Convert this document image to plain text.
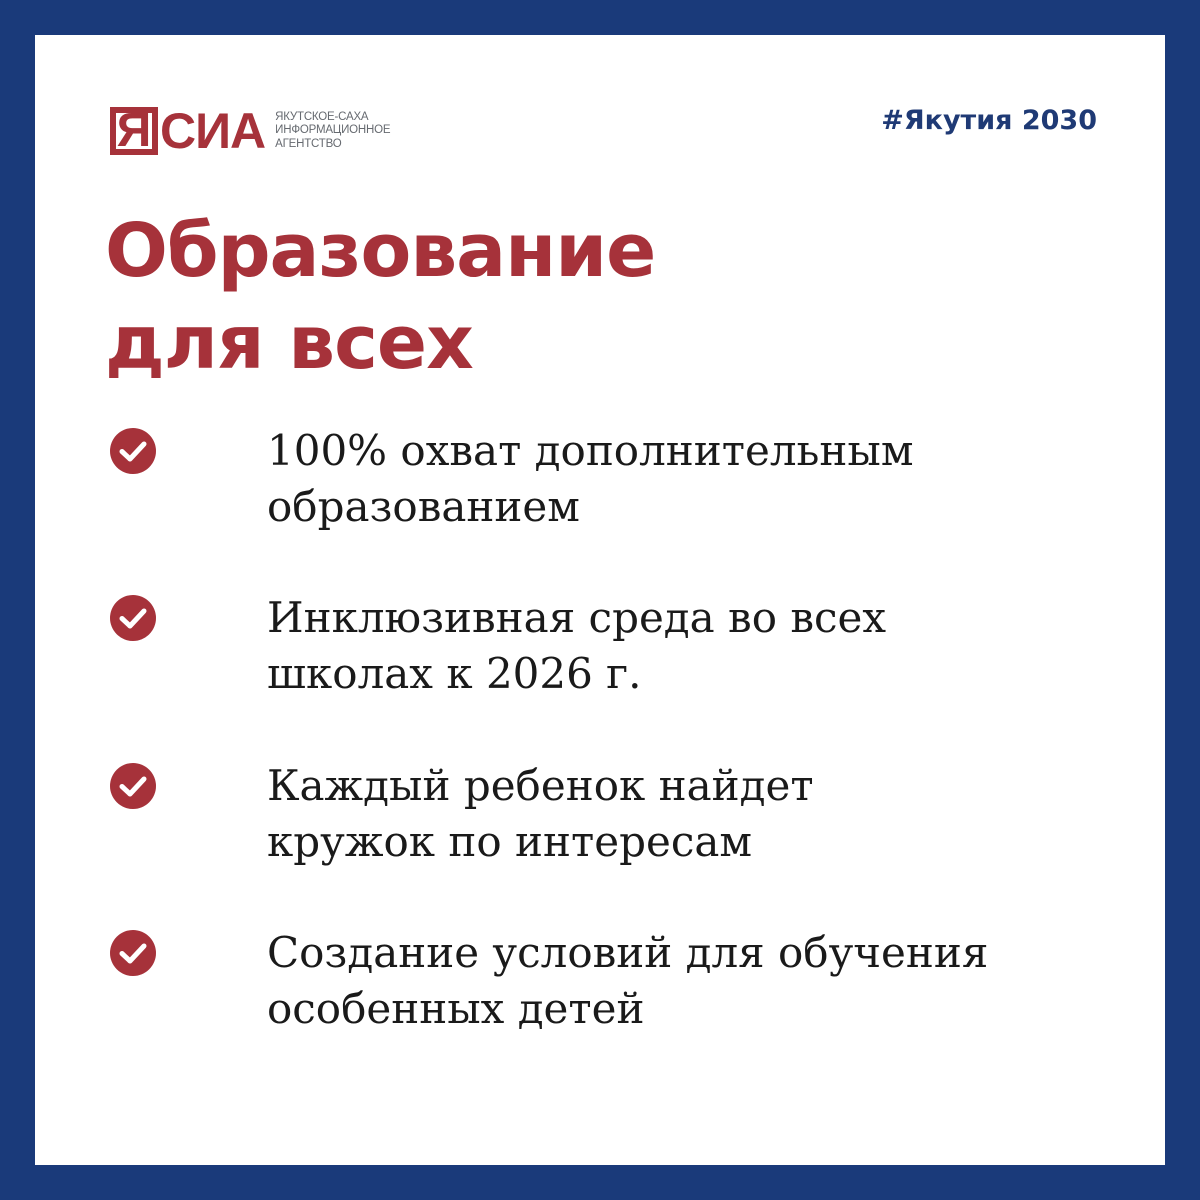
Я СИА ЯКУТСКОЕ-САХА
ИНФОРМАЦИОННОЕ
АГЕНТСТВО
#Якутия 2030
Образование
для всех
100% охват дополнительным
образованием
Инклюзивная среда во всех
школах к 2026 г.
Каждый ребенок найдет
кружок по интересам
Создание условий для обучения
особенных детей
